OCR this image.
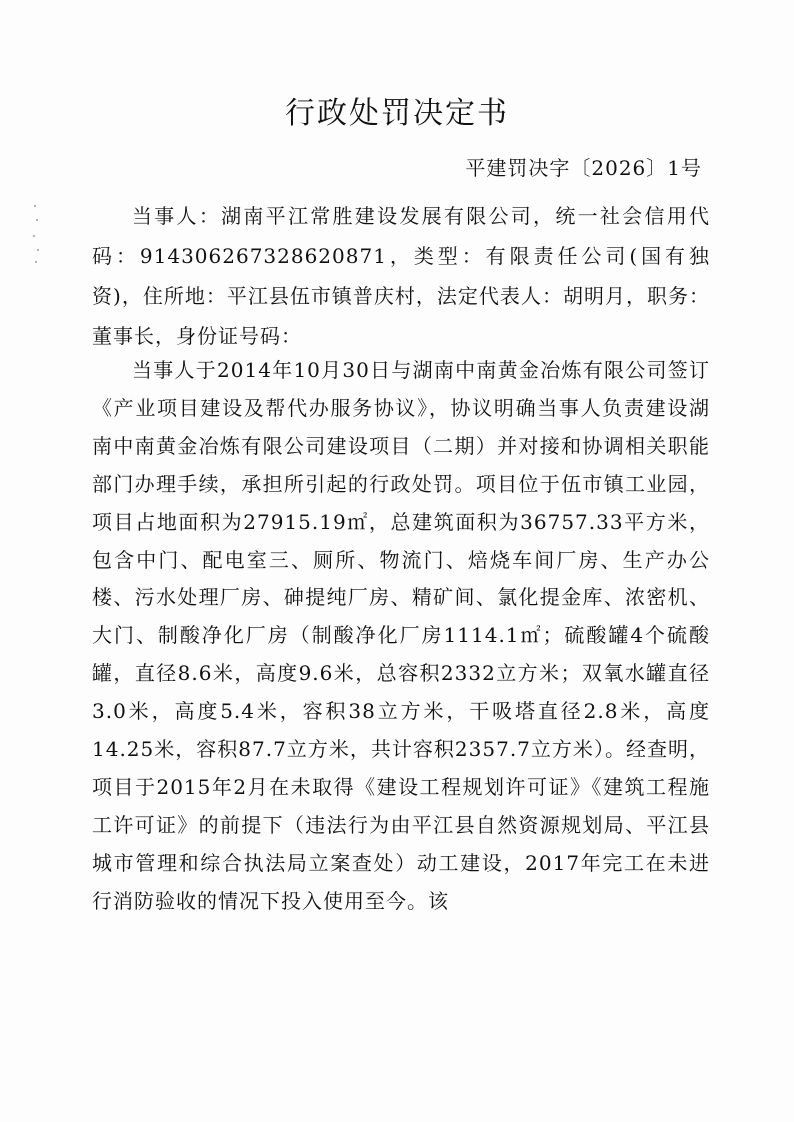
行政处罚决定书

平建罚决字〔2026〕1号

当事人：湖南平江常胜建设发展有限公司，统一社会信用代码：914306267328620871，类型：有限责任公司(国有独资)，住所地：平江县伍市镇普庆村，法定代表人：胡明月，职务：董事长，身份证号码：

当事人于2014年10月30日与湖南中南黄金冶炼有限公司签订《产业项目建设及帮代办服务协议》，协议明确当事人负责建设湖南中南黄金冶炼有限公司建设项目（二期）并对接和协调相关职能部门办理手续，承担所引起的行政处罚。项目位于伍市镇工业园，项目占地面积为27915.19㎡，总建筑面积为36757.33平方米，包含中门、配电室三、厕所、物流门、焙烧车间厂房、生产办公楼、污水处理厂房、砷提纯厂房、精矿间、氯化提金库、浓密机、大门、制酸净化厂房（制酸净化厂房1114.1㎡；硫酸罐4个硫酸罐，直径8.6米，高度9.6米，总容积2332立方米；双氧水罐直径3.0米，高度5.4米，容积38立方米，干吸塔直径2.8米，高度14.25米，容积87.7立方米，共计容积2357.7立方米）。经查明，项目于2015年2月在未取得《建设工程规划许可证》《建筑工程施工许可证》的前提下（违法行为由平江县自然资源规划局、平江县城市管理和综合执法局立案查处）动工建设，2017年完工在未进行消防验收的情况下投入使用至今。该
